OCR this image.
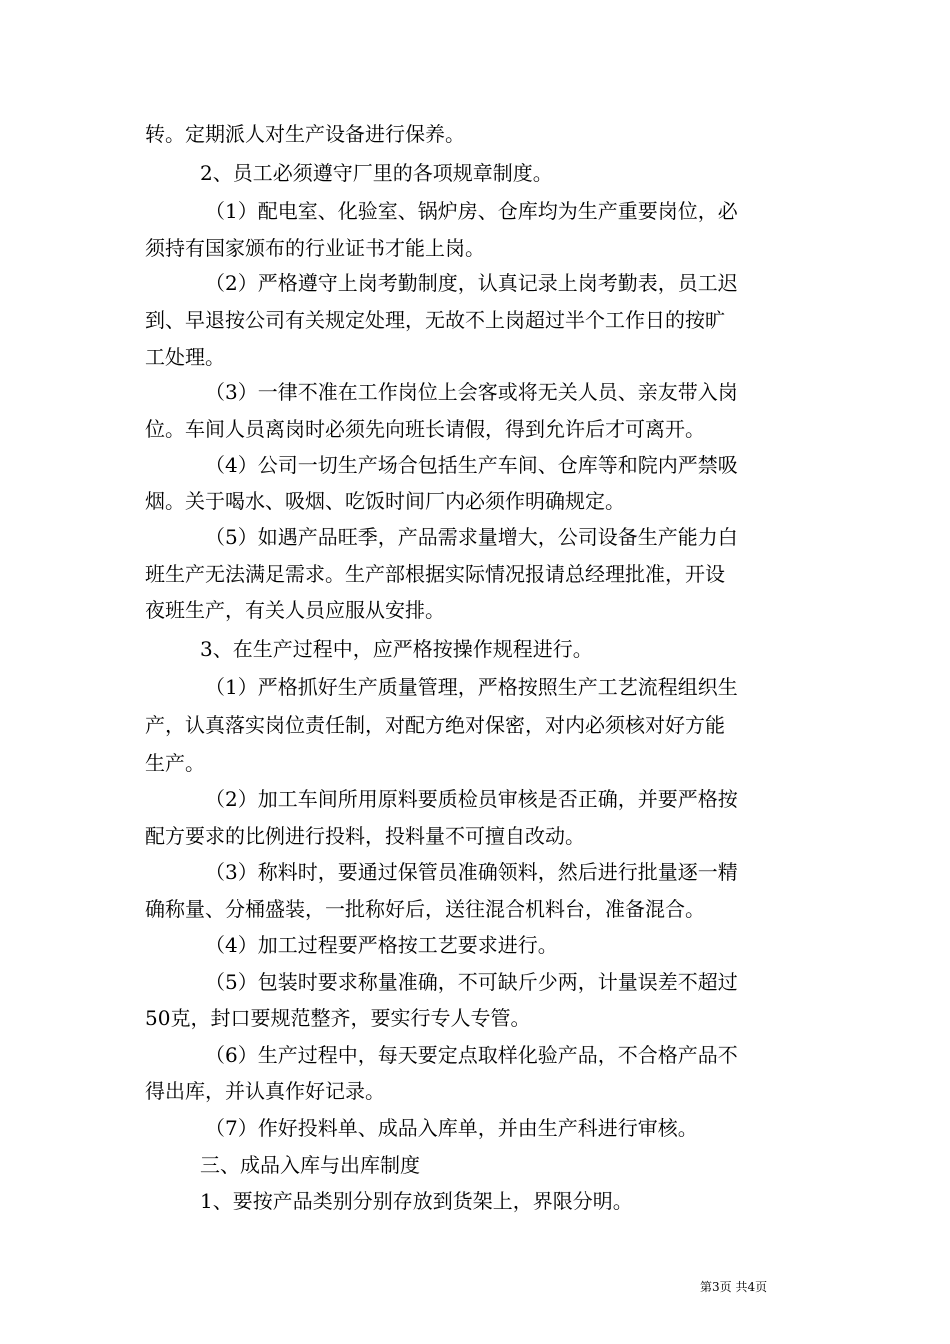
转。定期派人对生产设备进行保养。
2、员工必须遵守厂里的各项规章制度。
（1）配电室、化验室、锅炉房、仓库均为生产重要岗位，必
须持有国家颁布的行业证书才能上岗。
（2）严格遵守上岗考勤制度，认真记录上岗考勤表，员工迟
到、早退按公司有关规定处理，无故不上岗超过半个工作日的按旷
工处理。
（3）一律不准在工作岗位上会客或将无关人员、亲友带入岗
位。车间人员离岗时必须先向班长请假，得到允许后才可离开。
（4）公司一切生产场合包括生产车间、仓库等和院内严禁吸
烟。关于喝水、吸烟、吃饭时间厂内必须作明确规定。
（5）如遇产品旺季，产品需求量增大，公司设备生产能力白
班生产无法满足需求。生产部根据实际情况报请总经理批准，开设
夜班生产，有关人员应服从安排。
3、在生产过程中，应严格按操作规程进行。
（1）严格抓好生产质量管理，严格按照生产工艺流程组织生
产，认真落实岗位责任制，对配方绝对保密，对内必须核对好方能
生产。
（2）加工车间所用原料要质检员审核是否正确，并要严格按
配方要求的比例进行投料，投料量不可擅自改动。
（3）称料时，要通过保管员准确领料，然后进行批量逐一精
确称量、分桶盛装，一批称好后，送往混合机料台，准备混合。
（4）加工过程要严格按工艺要求进行。
（5）包装时要求称量准确，不可缺斤少两，计量误差不超过
50克，封口要规范整齐，要实行专人专管。
（6）生产过程中，每天要定点取样化验产品，不合格产品不
得出库，并认真作好记录。
（7）作好投料单、成品入库单，并由生产科进行审核。
三、成品入库与出库制度
1、要按产品类别分别存放到货架上，界限分明。
第3页 共4页
